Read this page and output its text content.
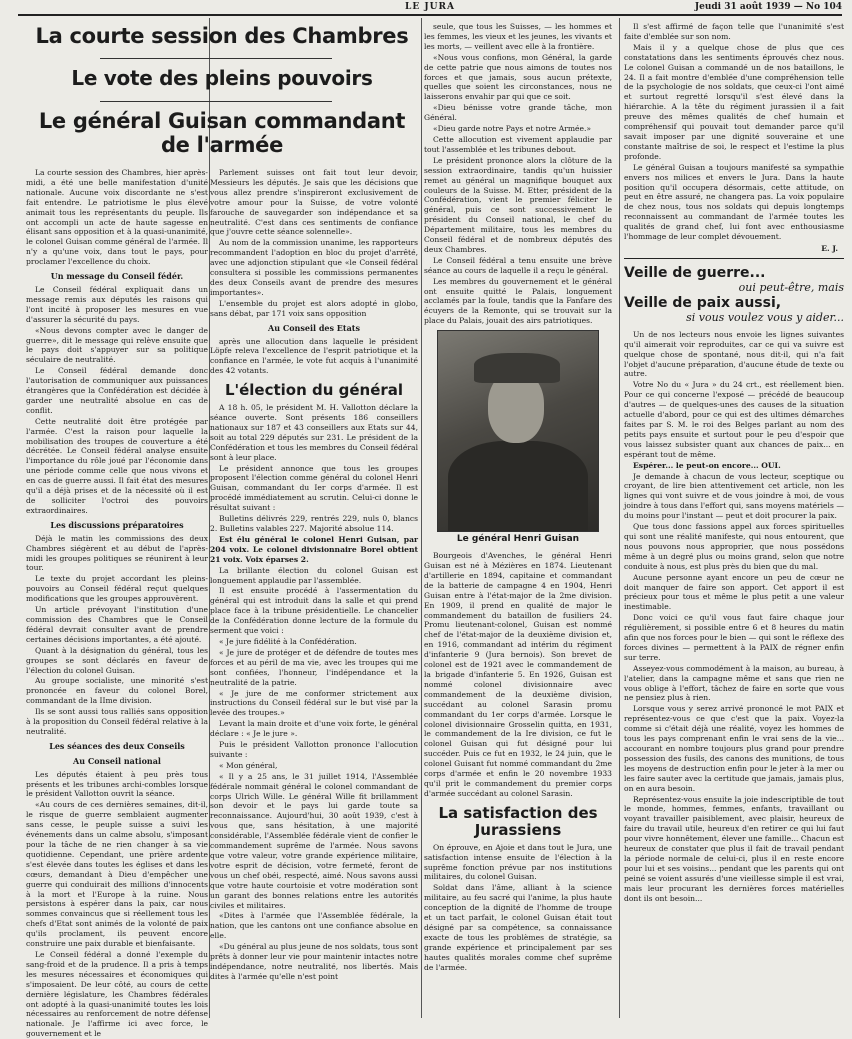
LE JURA	Jeudi 31 août 1939 — No 104
La courte session des Chambres
Le vote des pleins pouvoirs
Le général Guisan commandant de l'armée

La courte session des Chambres, hier après-midi, a été une belle manifestation d'unité nationale. Aucune voix discordante ne s'est fait entendre. Le patriotisme le plus élevé animait tous les représentants du peuple. Ils ont accompli un acte de haute sagesse en élisant sans opposition et à la quasi-unanimité, le colonel Guisan comme général de l'armée. Il n'y a qu'une voix, dans tout le pays, pour proclamer l'excellence du choix.

Un message du Conseil fédér.

Le Conseil fédéral expliquait dans un message remis aux députés les raisons qui l'ont incité à proposer les mesures en vue d'assurer la sécurité du pays.

«Nous devons compter avec le danger de guerre», dit le message qui relève ensuite que le pays doit s'appuyer sur sa politique séculaire de neutralité.

Le Conseil fédéral demande donc l'autorisation de communiquer aux puissances étrangères que la Confédération est décidée à garder une neutralité absolue en cas de conflit.

Cette neutralité doit être protégée par l'armée. C'est la raison pour laquelle la mobilisation des troupes de couverture a été décrétée. Le Conseil fédéral analyse ensuite l'importance du rôle joué par l'économie dans une période comme celle que nous vivons et en cas de guerre aussi. Il fait état des mesures qu'il a déjà prises et de la nécessité où il est de solliciter l'octroi des pouvoirs extraordinaires.

Les discussions préparatoires

Déjà le matin les commissions des deux Chambres siégèrent et au début de l'après-midi les groupes politiques se réunirent à leur tour.

Le texte du projet accordant les pleins-pouvoirs au Conseil fédéral reçut quelques modifications que les groupes approuvèrent.

Un article prévoyant l'institution d'une commission des Chambres que le Conseil fédéral devrait consulter avant de prendre certaines décisions importantes, a été ajouté.

Quant à la désignation du général, tous les groupes se sont déclarés en faveur de l'élection du colonel Guisan.

Au groupe socialiste, une minorité s'est prononcée en faveur du colonel Borel, commandant de la IIme division.

Ils se sont aussi tous ralliés sans opposition à la proposition du Conseil fédéral relative à la neutralité.

Les séances des deux Conseils
Au Conseil national

Les députés étaient à peu près tous présents et les tribunes archi-combles lorsque le président Vallotton ouvrit la séance.

«Au cours de ces dernières semaines, dit-il, le risque de guerre semblaient augmenter sans cesse, le peuple suisse a suivi les événements dans un calme absolu, s'imposant pour la tâche de ne rien changer à sa vie quotidienne. Cependant, une prière ardente s'est élevée dans toutes les églises et dans les cœurs, demandant à Dieu d'empêcher une guerre qui conduirait des millions d'innocents à la mort et l'Europe à la ruine. Nous persistons à espérer dans la paix, car nous sommes convaincus que si réellement tous les chefs d'Etat sont animés de la volonté de paix qu'ils proclament, ils peuvent encore construire une paix durable et bienfaisante.

Le Conseil fédéral a donné l'exemple du sang-froid et de la prudence. Il a pris à temps les mesures nécessaires et économiques qui s'imposaient. De leur côté, au cours de cette dernière législature, les Chambres fédérales ont adopté à la quasi-unanimité toutes les lois nécessaires au renforcement de notre défense nationale. Je l'affirme ici avec force, le gouvernement et le

Parlement suisses ont fait tout leur devoir, Messieurs les députés. Je sais que les décisions que vous allez prendre s'inspireront exclusivement de votre amour pour la Suisse, de votre volonté farouche de sauvegarder son indépendance et sa neutralité. C'est dans ces sentiments de confiance que j'ouvre cette séance solennelle».

Au nom de la commission unanime, les rapporteurs recommandent l'adoption en bloc du projet d'arrêté, avec une adjonction stipulant que «le Conseil fédéral consultera si possible les commissions permanentes des deux Conseils avant de prendre des mesures importantes».

L'ensemble du projet est alors adopté in globo, sans débat, par 171 voix sans opposition

Au Conseil des Etats

après une allocution dans laquelle le président Löpfe releva l'excellence de l'esprit patriotique et la confiance en l'armée, le vote fut acquis à l'unanimité des 42 votants.

L'élection du général

A 18 h. 05, le président M. H. Vallotton déclare la séance ouverte. Sont présents 186 conseillers nationaux sur 187 et 43 conseillers aux Etats sur 44, soit au total 229 députés sur 231. Le président de la Confédération et tous les membres du Conseil fédéral sont à leur place.

Le président annonce que tous les groupes proposent l'élection comme général du colonel Henri Guisan, commandant du Ier corps d'armée. Il est procédé immédiatement au scrutin. Celui-ci donne le résultat suivant :

Bulletins délivrés 229, rentrés 229, nuls 0, blancs 2. Bulletins valables 227. Majorité absolue 114.

Est élu général le colonel Henri Guisan, par 204 voix. Le colonel divisionnaire Borel obtient 21 voix. Voix éparses 2.

La brillante élection du colonel Guisan est longuement applaudie par l'assemblée.

Il est ensuite procédé à l'assermentation du général qui est introduit dans la salle et qui prend place face à la tribune présidentielle. Le chancelier de la Confédération donne lecture de la formule du serment que voici :

« Je jure fidélité à la Confédération.

« Je jure de protéger et de défendre de toutes mes forces et au péril de ma vie, avec les troupes qui me sont confiées, l'honneur, l'indépendance et la neutralité de la patrie.

« Je jure de me conformer strictement aux instructions du Conseil fédéral sur le but visé par la levée des troupes.»

Levant la main droite et d'une voix forte, le général déclare : « Je le jure ».

Puis le président Vallotton prononce l'allocution suivante :

« Mon général,

« Il y a 25 ans, le 31 juillet 1914, l'Assemblée fédérale nommait général le colonel commandant de corps Ulrich Wille. Le général Wille fit brillamment son devoir et le pays lui garde toute sa reconnaissance. Aujourd'hui, 30 août 1939, c'est à vous que, sans hésitation, à une majorité considérable, l'Assemblée fédérale vient de confier le commandement suprême de l'armée. Nous savons que votre valeur, votre grande expérience militaire, votre esprit de décision, votre fermeté, feront de vous un chef obéi, respecté, aimé. Nous savons aussi que votre haute courtoisie et votre modération sont un garant des bonnes relations entre les autorités civiles et militaires.

«Dites à l'armée que l'Assemblée fédérale, la nation, que les cantons ont une confiance absolue en elle.

«Du général au plus jeune de nos soldats, tous sont prêts à donner leur vie pour maintenir intactes notre indépendance, notre neutralité, nos libertés. Mais dites à l'armée qu'elle n'est point

seule, que tous les Suisses, — les hommes et les femmes, les vieux et les jeunes, les vivants et les morts, — veillent avec elle à la frontière.

«Nous vous confions, mon Général, la garde de cette patrie que nous aimons de toutes nos forces et que jamais, sous aucun prétexte, quelles que soient les circonstances, nous ne laisserons envahir par qui que ce soit.

«Dieu bénisse votre grande tâche, mon Général.

«Dieu garde notre Pays et notre Armée.»

Cette allocution est vivement applaudie par tout l'assemblée et les tribunes debout.

Le président prononce alors la clôture de la session extraordinaire, tandis qu'un huissier remet au général un magnifique bouquet aux couleurs de la Suisse. M. Etter, président de la Confédération, vient le premier féliciter le général, puis ce sont successivement le président du Conseil national, le chef du Département militaire, tous les membres du Conseil fédéral et de nombreux députés des deux Chambres.

Le Conseil fédéral a tenu ensuite une brève séance au cours de laquelle il a reçu le général.

Les membres du gouvernement et le général ont ensuite quitté le Palais, longuement acclamés par la foule, tandis que la Fanfare des écuyers de la Remonte, qui se trouvait sur la place du Palais, jouait des airs patriotiques.

Le général Henri Guisan

Bourgeois d'Avenches, le général Henri Guisan est né à Mézières en 1874. Lieutenant d'artillerie en 1894, capitaine et commandant de la batterie de campagne 4 en 1904, Henri Guisan entre à l'état-major de la 2me division. En 1909, il prend en qualité de major le commandement du bataillon de fusiliers 24. Promu lieutenant-colonel, Guisan est nommé chef de l'état-major de la deuxième division et, en 1916, commandant ad intérim du régiment d'infanterie 9 (Jura bernois). Son brevet de colonel est de 1921 avec le commandement de la brigade d'infanterie 5. En 1926, Guisan est nommé colonel divisionnaire avec commandement de la deuxième division, succédant au colonel Sarasin promu commandant du 1er corps d'armée. Lorsque le colonel divisionnaire Grosselin quitta, en 1931, le commandement de la Ire division, ce fut le colonel Guisan qui fut désigné pour lui succéder. Puis ce fut en 1932, le 24 juin, que le colonel Guisant fut nommé commandant du 2me corps d'armée et enfin le 20 novembre 1933 qu'il prit le commandement du premier corps d'armée succédant au colonel Sarasin.

La satisfaction des Jurassiens

On éprouve, en Ajoie et dans tout le Jura, une satisfaction intense ensuite de l'élection à la suprême fonction prévue par nos institutions militaires, du colonel Guisan.

Soldat dans l'âme, alliant à la science militaire, au feu sacré qui l'anime, la plus haute conception de la dignité de l'homme de troupe et un tact parfait, le colonel Guisan était tout désigné par sa compétence, sa connaissance exacte de tous les problèmes de stratégie, sa grande expérience et principalement par ses hautes qualités morales comme chef suprême de l'armée.

Il s'est affirmé de façon telle que l'unanimité s'est faite d'emblée sur son nom.

Mais il y a quelque chose de plus que ces constatations dans les sentiments éprouvés chez nous. Le colonel Guisan a commandé un de nos bataillons, le 24. Il a fait montre d'emblée d'une compréhension telle de la psychologie de nos soldats, que ceux-ci l'ont aimé et surtout regretté lorsqu'il s'est élevé dans la hiérarchie. A la tête du régiment jurassien il a fait preuve des mêmes qualités de chef humain et compréhensif qui pouvait tout demander parce qu'il savait imposer par une dignité souveraine et une constante maîtrise de soi, le respect et l'estime la plus profonde.

Le général Guisan a toujours manifesté sa sympathie envers nos milices et envers le Jura. Dans la haute position qu'il occupera désormais, cette attitude, on peut en être assuré, ne changera pas. La voix populaire de chez nous, tous nos soldats qui depuis longtemps reconnaissent au commandant de l'armée toutes les qualités de grand chef, lui font avec enthousiasme l'hommage de leur complet dévouement.

E. J.
Veille de guerre...
oui peut-être, mais
Veille de paix aussi,
si vous voulez vous y aider...

Un de nos lecteurs nous envoie les lignes suivantes qu'il aimerait voir reproduites, car ce qui va suivre est quelque chose de spontané, nous dit-il, qui n'a fait l'objet d'aucune préparation, d'aucune étude de texte ou autre.

Votre No du « Jura » du 24 crt., est réellement bien. Pour ce qui concerne l'exposé — précédé de beaucoup d'autres — de quelques-unes des causes de la situation actuelle d'abord, pour ce qui est des ultimes démarches faites par S. M. le roi des Belges parlant au nom des petits pays ensuite et surtout pour le peu d'espoir que vous laissez subsister quant aux chances de paix... en espérant tout de même.

Espérer... le peut-on encore... OUI.

Je demande à chacun de vous lecteur, sceptique ou croyant, de lire bien attentivement cet article, non les lignes qui vont suivre et de vous joindre à moi, de vous joindre à tous dans l'effort qui, sans moyens matériels — du moins pour l'instant — peut et doit procurer la paix.

Que tous donc fassions appel aux forces spirituelles qui sont une réalité manifeste, qui nous entourent, que nous pouvons nous approprier, que nous possédons même à un degré plus ou moins grand, selon que notre conduite à nous, est plus près du bien que du mal.

Aucune personne ayant encore un peu de cœur ne doit manquer de faire son apport. Cet apport il est précieux pour tous et même le plus petit a une valeur inestimable.

Donc voici ce qu'il vous faut faire chaque jour régulièrement, si possible entre 6 et 8 heures du matin afin que nos forces pour le bien — qui sont le réflexe des forces divines — permettent à la PAIX de régner enfin sur terre.

Asseyez-vous commodément à la maison, au bureau, à l'atelier, dans la campagne même et sans que rien ne vous oblige à l'effort, tâchez de faire en sorte que vous ne pensiez plus à rien.

Lorsque vous y serez arrivé prononcé le mot PAIX et représentez-vous ce que c'est que la paix. Voyez-la comme si c'était déjà une réalité, voyez les hommes de tous les pays comprenant enfin le vrai sens de la vie... accourant en nombre toujours plus grand pour prendre possession des fusils, des canons des munitions, de tous les moyens de destruction enfin pour le jeter à la mer ou les faire sauter avec la certitude que jamais, jamais plus, on en aura besoin.

Représentez-vous ensuite la joie indescriptible de tout le monde, hommes, femmes, enfants, travaillant ou voyant travailler paisiblement, avec plaisir, heureux de faire du travail utile, heureux d'en retirer ce qui lui faut pour vivre honnêtement, élever une famille... Chacun est heureux de constater que plus il fait de travail pendant la période normale de celui-ci, plus il en reste encore pour lui et ses voisins... pendant que les parents qui ont peiné se voient assurés d'une vieillesse simple il est vrai, mais leur procurant les dernières forces matérielles dont ils ont besoin...
